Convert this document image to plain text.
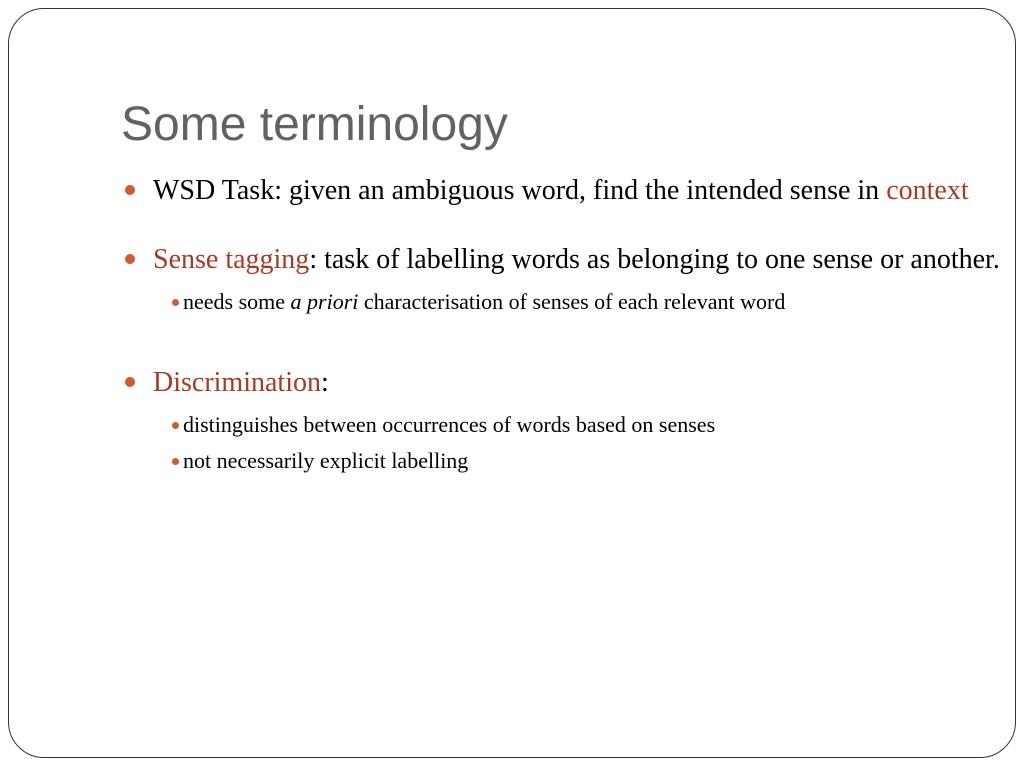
Some terminology
WSD Task: given an ambiguous word, find the intended sense in context
Sense tagging: task of labelling words as belonging to one sense or another.
needs some a priori characterisation of senses of each relevant word
Discrimination:
distinguishes between occurrences of words based on senses
not necessarily explicit labelling
